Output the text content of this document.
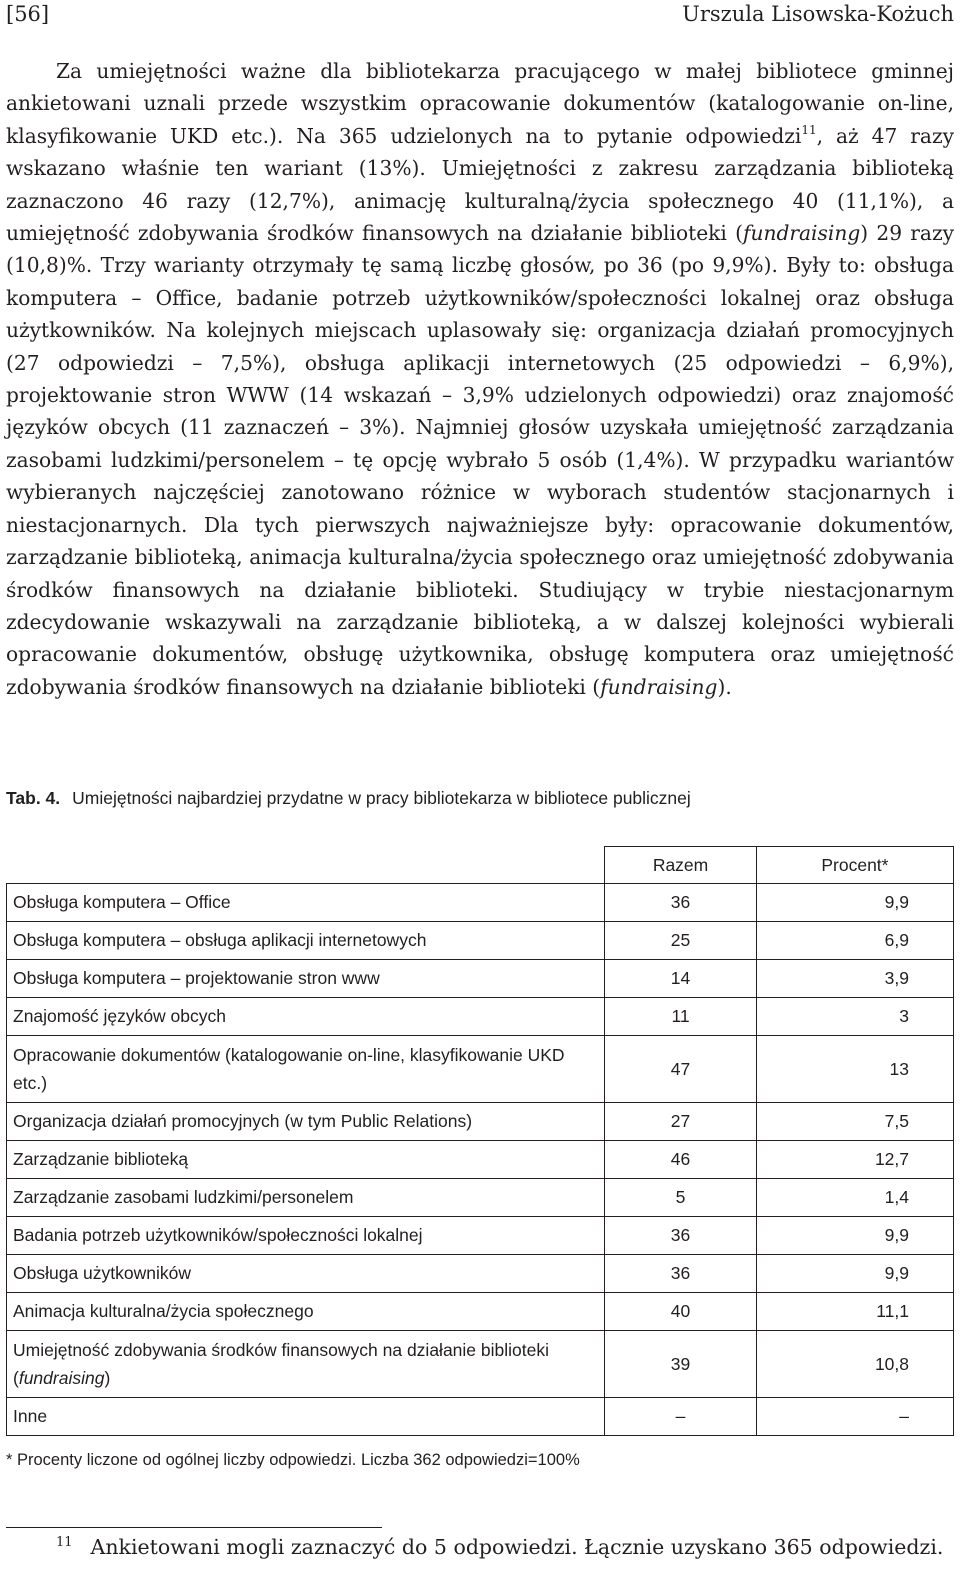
[56]	Urszula Lisowska-Kożuch

Za umiejętności ważne dla bibliotekarza pracującego w małej bibliotece gminnej ankietowani uznali przede wszystkim opracowanie dokumentów (katalogowanie on-line, klasyfikowanie UKD etc.). Na 365 udzielonych na to pytanie odpowiedzi$^{11}$, aż 47 razy wskazano właśnie ten wariant (13%). Umiejętności z zakresu zarządzania biblioteką zaznaczono 46 razy (12,7%), animację kulturalną/życia społecznego 40 (11,1%), a umiejętność zdobywania środków finansowych na działanie biblioteki (fundraising) 29 razy (10,8)%. Trzy warianty otrzymały tę samą liczbę głosów, po 36 (po 9,9%). Były to: obsługa komputera – Office, badanie potrzeb użytkowników/społeczności lokalnej oraz obsługa użytkowników. Na kolejnych miejscach uplasowały się: organizacja działań promocyjnych (27 odpowiedzi – 7,5%), obsługa aplikacji internetowych (25 odpowiedzi – 6,9%), projektowanie stron WWW (14 wskazań – 3,9% udzielonych odpowiedzi) oraz znajomość języków obcych (11 zaznaczeń – 3%). Najmniej głosów uzyskała umiejętność zarządzania zasobami ludzkimi/personelem – tę opcję wybrało 5 osób (1,4%). W przypadku wariantów wybieranych najczęściej zanotowano różnice w wyborach studentów stacjonarnych i niestacjonarnych. Dla tych pierwszych najważniejsze były: opracowanie dokumentów, zarządzanie biblioteką, animacja kulturalna/życia społecznego oraz umiejętność zdobywania środków finansowych na działanie biblioteki. Studiujący w trybie niestacjonarnym zdecydowanie wskazywali na zarządzanie biblioteką, a w dalszej kolejności wybierali opracowanie dokumentów, obsługę użytkownika, obsługę komputera oraz umiejętność zdobywania środków finansowych na działanie biblioteki (fundraising).

Tab. 4. Umiejętności najbardziej przydatne w pracy bibliotekarza w bibliotece publicznej
	Razem	Procent*
Obsługa komputera – Office	36	9,9
Obsługa komputera – obsługa aplikacji internetowych	25	6,9
Obsługa komputera – projektowanie stron www	14	3,9
Znajomość języków obcych	11	3
Opracowanie dokumentów (katalogowanie on-line, klasyfikowanie UKD etc.)	47	13
Organizacja działań promocyjnych (w tym Public Relations)	27	7,5
Zarządzanie biblioteką	46	12,7
Zarządzanie zasobami ludzkimi/personelem	5	1,4
Badania potrzeb użytkowników/społeczności lokalnej	36	9,9
Obsługa użytkowników	36	9,9
Animacja kulturalna/życia społecznego	40	11,1
Umiejętność zdobywania środków finansowych na działanie biblioteki (fundraising)	39	10,8
Inne	–	–
* Procenty liczone od ogólnej liczby odpowiedzi. Liczba 362 odpowiedzi=100%
$^{11}$ Ankietowani mogli zaznaczyć do 5 odpowiedzi. Łącznie uzyskano 365 odpowiedzi.
